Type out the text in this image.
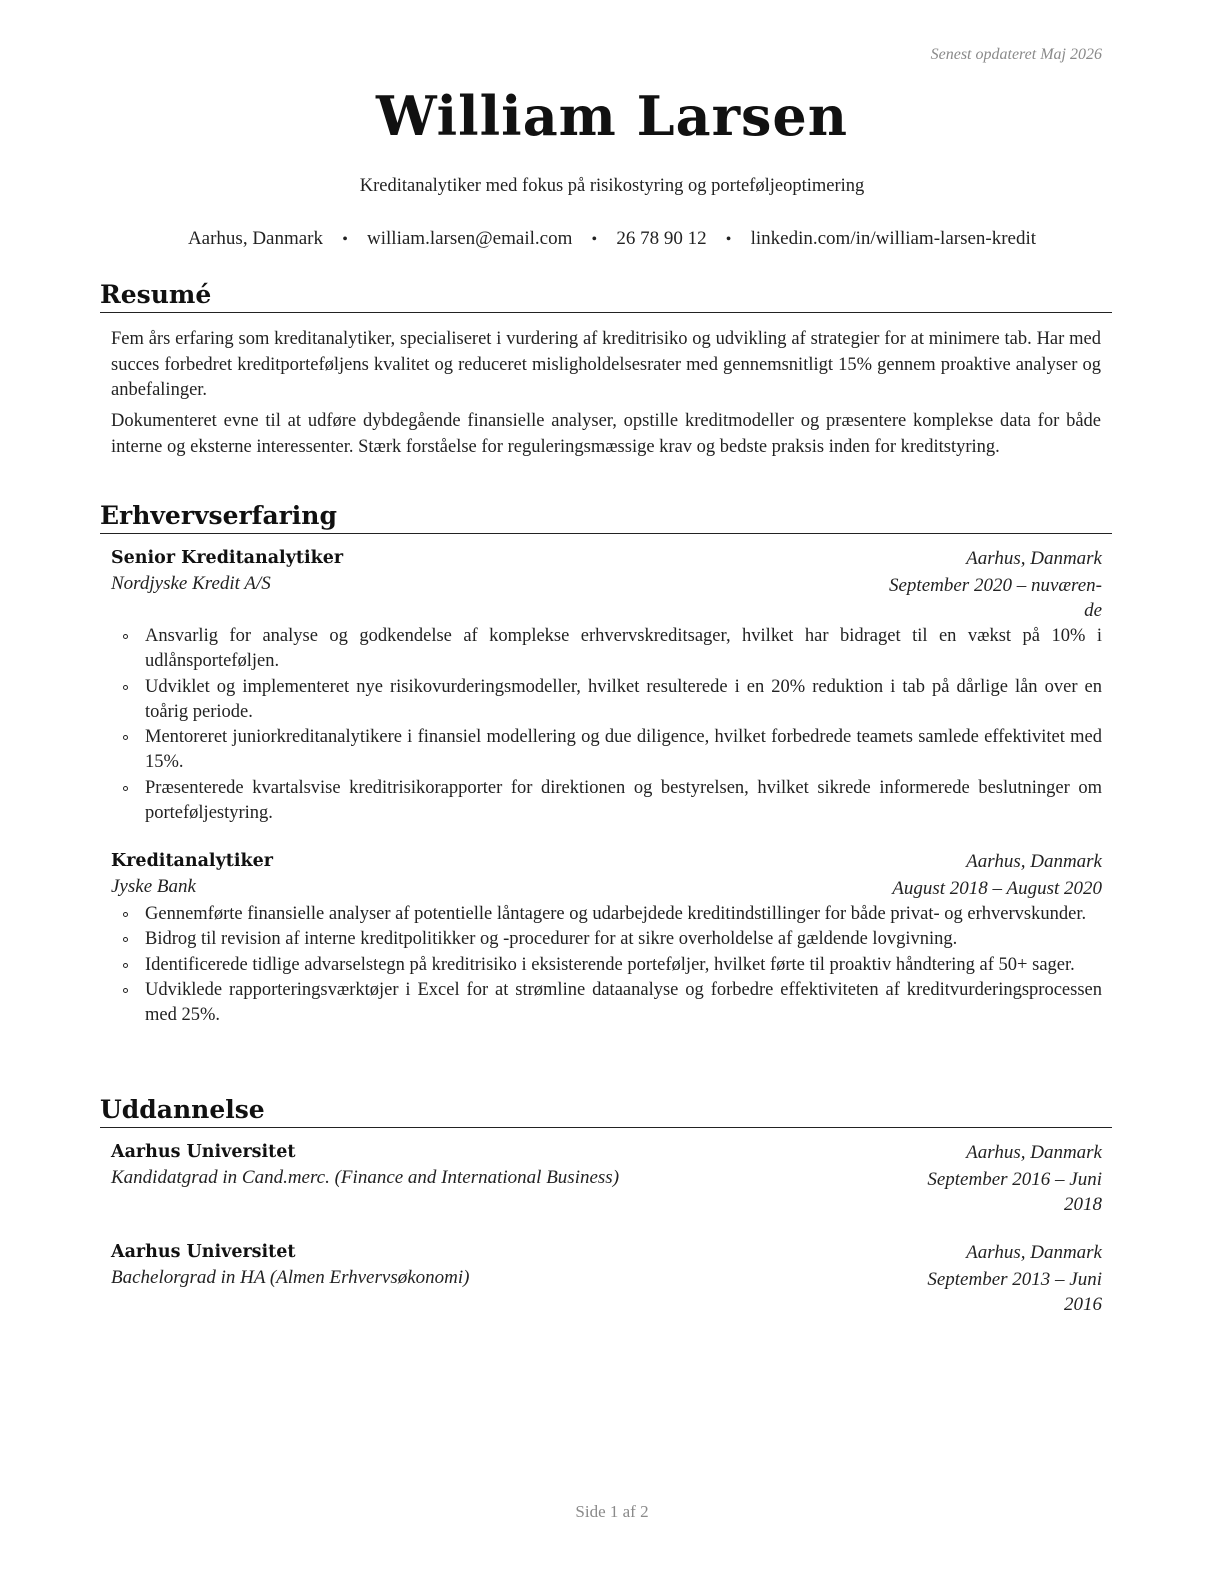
Senest opdateret Maj 2026
William Larsen
Kreditanalytiker med fokus på risikostyring og porteføljeoptimering
Aarhus, Danmark • william.larsen@email.com • 26 78 90 12 • linkedin.com/in/william-larsen-kredit
Resumé

Fem års erfaring som kreditanalytiker, specialiseret i vurdering af kreditrisiko og udvikling af strategier for at minimere tab. Har med succes forbedret kreditporteføljens kvalitet og reduceret misligholdelsesrater med gennemsnitligt 15% gennem proaktive analyser og anbefalinger.

Dokumenteret evne til at udføre dybdegående finansielle analyser, opstille kreditmodeller og præsentere komplekse data for både interne og eksterne interessenter. Stærk forståelse for reguleringsmæssige krav og bedste praksis inden for kreditstyring.

Erhvervserfaring
Senior Kreditanalytiker	Aarhus, Danmark
Nordjyske Kredit A/S	September 2020 – nuværen-
de
Ansvarlig for analyse og godkendelse af komplekse erhvervskreditsager, hvilket har bidraget til en vækst på 10% i udlånsporteføljen.
Udviklet og implementeret nye risikovurderingsmodeller, hvilket resulterede i en 20% reduktion i tab på dårlige lån over en toårig periode.
Mentoreret juniorkreditanalytikere i finansiel modellering og due diligence, hvilket forbedrede teamets samlede effektivitet med 15%.
Præsenterede kvartalsvise kreditrisikorapporter for direktionen og bestyrelsen, hvilket sikrede informerede beslutninger om porteføljestyring.
Kreditanalytiker	Aarhus, Danmark
Jyske Bank	August 2018 – August 2020
Gennemførte finansielle analyser af potentielle låntagere og udarbejdede kreditindstillinger for både privat- og erhvervskunder.
Bidrog til revision af interne kreditpolitikker og -procedurer for at sikre overholdelse af gældende lovgivning.
Identificerede tidlige advarselstegn på kreditrisiko i eksisterende porteføljer, hvilket førte til proaktiv håndtering af 50+ sager.
Udviklede rapporteringsværktøjer i Excel for at strømline dataanalyse og forbedre effektiviteten af kreditvurderingsprocessen med 25%.
Uddannelse
Aarhus Universitet	Aarhus, Danmark
Kandidatgrad in Cand.merc. (Finance and International Business)	September 2016 – Juni
2018
Aarhus Universitet	Aarhus, Danmark
Bachelorgrad in HA (Almen Erhvervsøkonomi)	September 2013 – Juni
2016
Side 1 af 2
